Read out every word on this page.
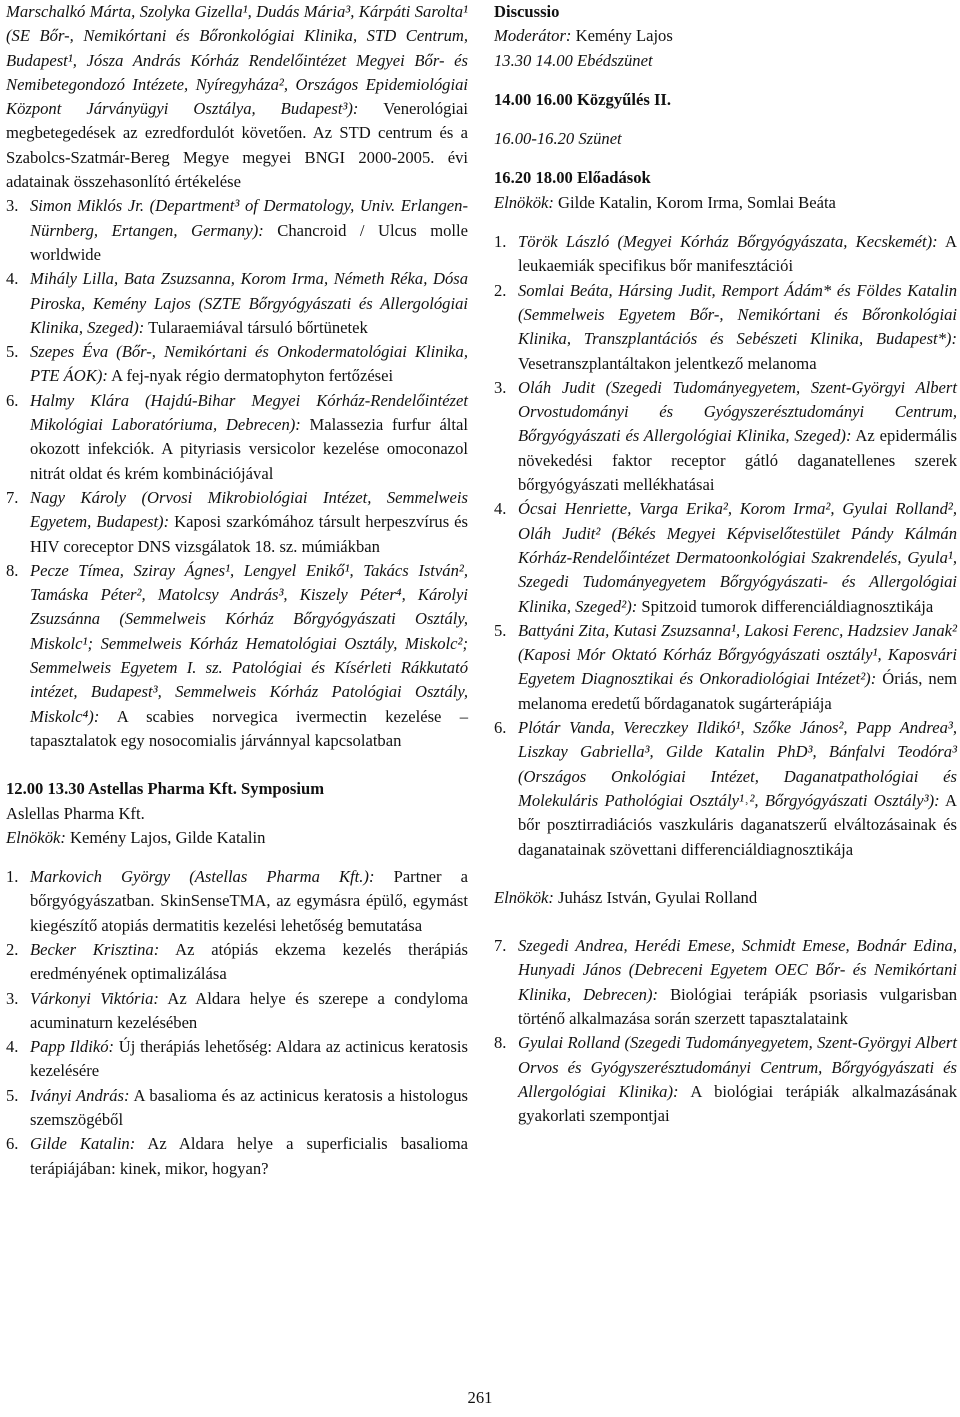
Marschalkó Márta, Szolyka Gizella¹, Dudás Mária³, Kárpáti Sarolta¹ (SE Bőr-, Nemikórtani és Bőronkológiai Klinika, STD Centrum, Budapest¹, Jósza András Kórház Rendelőintézet Megyei Bőr- és Nemibetegondozó Intézete, Nyíregyháza², Országos Epidemiológiai Központ Járványügyi Osztálya, Budapest³): Venerológiai megbetegedések az ezredfordulót követően. Az STD centrum és a Szabolcs-Szatmár-Bereg Megye megyei BNGI 2000-2005. évi adatainak összehasonlító értékelése

3. Simon Miklós Jr. (Department³ of Dermatology, Univ. Erlangen-Nürnberg, Ertangen, Germany): Chancroid / Ulcus molle worldwide
4. Mihály Lilla, Bata Zsuzsanna, Korom Irma, Németh Réka, Dósa Piroska, Kemény Lajos (SZTE Bőrgyógyászati és Allergológiai Klinika, Szeged): Tularaemiával társuló bőrtünetek
5. Szepes Éva (Bőr-, Nemikórtani és Onkodermatológiai Klinika, PTE ÁOK): A fej-nyak régio dermatophyton fertőzései
6. Halmy Klára (Hajdú-Bihar Megyei Kórház-Rendelőintézet Mikológiai Laboratóriuma, Debrecen): Malassezia furfur által okozott infekciók. A pityriasis versicolor kezelése omoconazol nitrát oldat és krém kombinációjával
7. Nagy Károly (Orvosi Mikrobiológiai Intézet, Semmelweis Egyetem, Budapest): Kaposi szarkómához társult herpeszvírus és HIV coreceptor DNS vizsgálatok 18. sz. múmiákban
8. Pecze Tímea, Sziray Ágnes¹, Lengyel Enikő¹, Takács István², Tamáska Péter², Matolcsy András³, Kiszely Péter⁴, Károlyi Zsuzsánna (Semmelweis Kórház Bőrgyógyászati Osztály, Miskolc¹; Semmelweis Kórház Hematológiai Osztály, Miskolc²; Semmelweis Egyetem I. sz. Patológiai és Kísérleti Rákkutató intézet, Budapest³, Semmelweis Kórház Patológiai Osztály, Miskolc⁴): A scabies norvegica ivermectin kezelése – tapasztalatok egy nosocomialis járvánnyal kapcsolatban

12.00 13.30 Astellas Pharma Kft. Symposium

Aslellas Pharma Kft.

Elnökök: Kemény Lajos, Gilde Katalin

1. Markovich György (Astellas Pharma Kft.): Partner a bőrgyógyászatban. SkinSenseTMA, az egymásra épülő, egymást kiegészítő atopiás dermatitis kezelési lehetőség bemutatása
2. Becker Krisztina: Az atópiás ekzema kezelés therápiás eredményének optimalizálása
3. Várkonyi Viktória: Az Aldara helye és szerepe a condyloma acuminaturn kezelésében
4. Papp Ildikó: Új therápiás lehetőség: Aldara az actinicus keratosis kezelésére
5. Iványi András: A basalioma és az actinicus keratosis a histologus szemszögéből
6. Gilde Katalin: Az Aldara helye a superficialis basalioma terápiájában: kinek, mikor, hogyan?

Discussio

Moderátor: Kemény Lajos

13.30 14.00 Ebédszünet

14.00 16.00 Közgyűlés II.

16.00-16.20 Szünet

16.20 18.00 Előadások

Elnökök: Gilde Katalin, Korom Irma, Somlai Beáta

1. Török László (Megyei Kórház Bőrgyógyászata, Kecskemét): A leukaemiák specifikus bőr manifesztációi
2. Somlai Beáta, Hársing Judit, Remport Ádám* és Földes Katalin (Semmelweis Egyetem Bőr-, Nemikórtani és Bőronkológiai Klinika, Transzplantációs és Sebészeti Klinika, Budapest*): Vesetranszplantáltakon jelentkező melanoma
3. Oláh Judit (Szegedi Tudományegyetem, Szent-Györgyi Albert Orvostudományi és Gyógyszerésztudományi Centrum, Bőrgyógyászati és Allergológiai Klinika, Szeged): Az epidermális növekedési faktor receptor gátló daganatellenes szerek bőrgyógyászati mellékhatásai
4. Ócsai Henriette, Varga Erika², Korom Irma², Gyulai Rolland², Oláh Judit² (Békés Megyei Képviselőtestület Pándy Kálmán Kórház-Rendelőintézet Dermatoonkológiai Szakrendelés, Gyula¹, Szegedi Tudományegyetem Bőrgyógyászati- és Allergológiai Klinika, Szeged²): Spitzoid tumorok differenciáldiagnosztikája
5. Battyáni Zita, Kutasi Zsuzsanna¹, Lakosi Ferenc, Hadzsiev Janak² (Kaposi Mór Oktató Kórház Bőrgyógyászati osztály¹, Kaposvári Egyetem Diagnosztikai és Onkoradiológiai Intézet²): Óriás, nem melanoma eredetű bőrdaganatok sugárterápiája
6. Plótár Vanda, Vereczkey Ildikó¹, Szőke János², Papp Andrea³, Liszkay Gabriella³, Gilde Katalin PhD³, Bánfalvi Teodóra³ (Országos Onkológiai Intézet, Daganatpathológiai és Molekuláris Pathológiai Osztály¹˒², Bőrgyógyászati Osztály³): A bőr posztirradiációs vaszkuláris daganatszerű elváltozásainak és daganatainak szövettani differenciáldiagnosztikája

Elnökök: Juhász István, Gyulai Rolland

7. Szegedi Andrea, Herédi Emese, Schmidt Emese, Bodnár Edina, Hunyadi János (Debreceni Egyetem OEC Bőr- és Nemikórtani Klinika, Debrecen): Biológiai terápiák psoriasis vulgarisban történő alkalmazása során szerzett tapasztalataink
8. Gyulai Rolland (Szegedi Tudományegyetem, Szent-Györgyi Albert Orvos és Gyógyszerésztudományi Centrum, Bőrgyógyászati és Allergológiai Klinika): A biológiai terápiák alkalmazásának gyakorlati szempontjai
261
